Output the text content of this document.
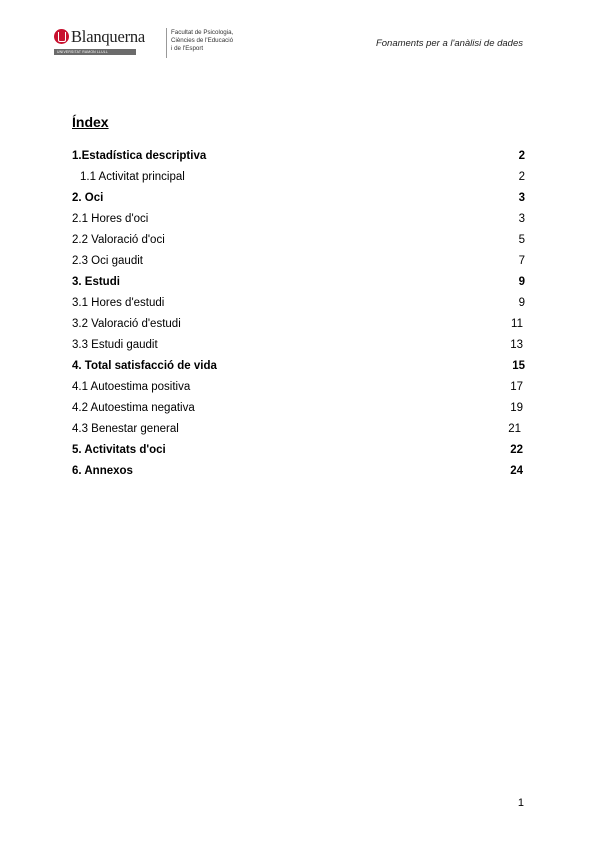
Blanquerna	Facultat de Psicologia,
Ciències de l'Educació
i de l'Esport
UNIVERSITAT RAMON LLULL
Fonaments per a l'anàlisi de dades
Índex
1.Estadística descriptiva	2
1.1 Activitat principal	2
2. Oci	3
2.1 Hores d'oci	3
2.2 Valoració d'oci	5
2.3 Oci gaudit	7
3. Estudi	9
3.1 Hores d'estudi	9
3.2 Valoració d'estudi	11
3.3 Estudi gaudit	13
4. Total satisfacció de vida	15
4.1 Autoestima positiva	17
4.2 Autoestima negativa	19
4.3 Benestar general	21
5. Activitats d'oci	22
6. Annexos	24
1
